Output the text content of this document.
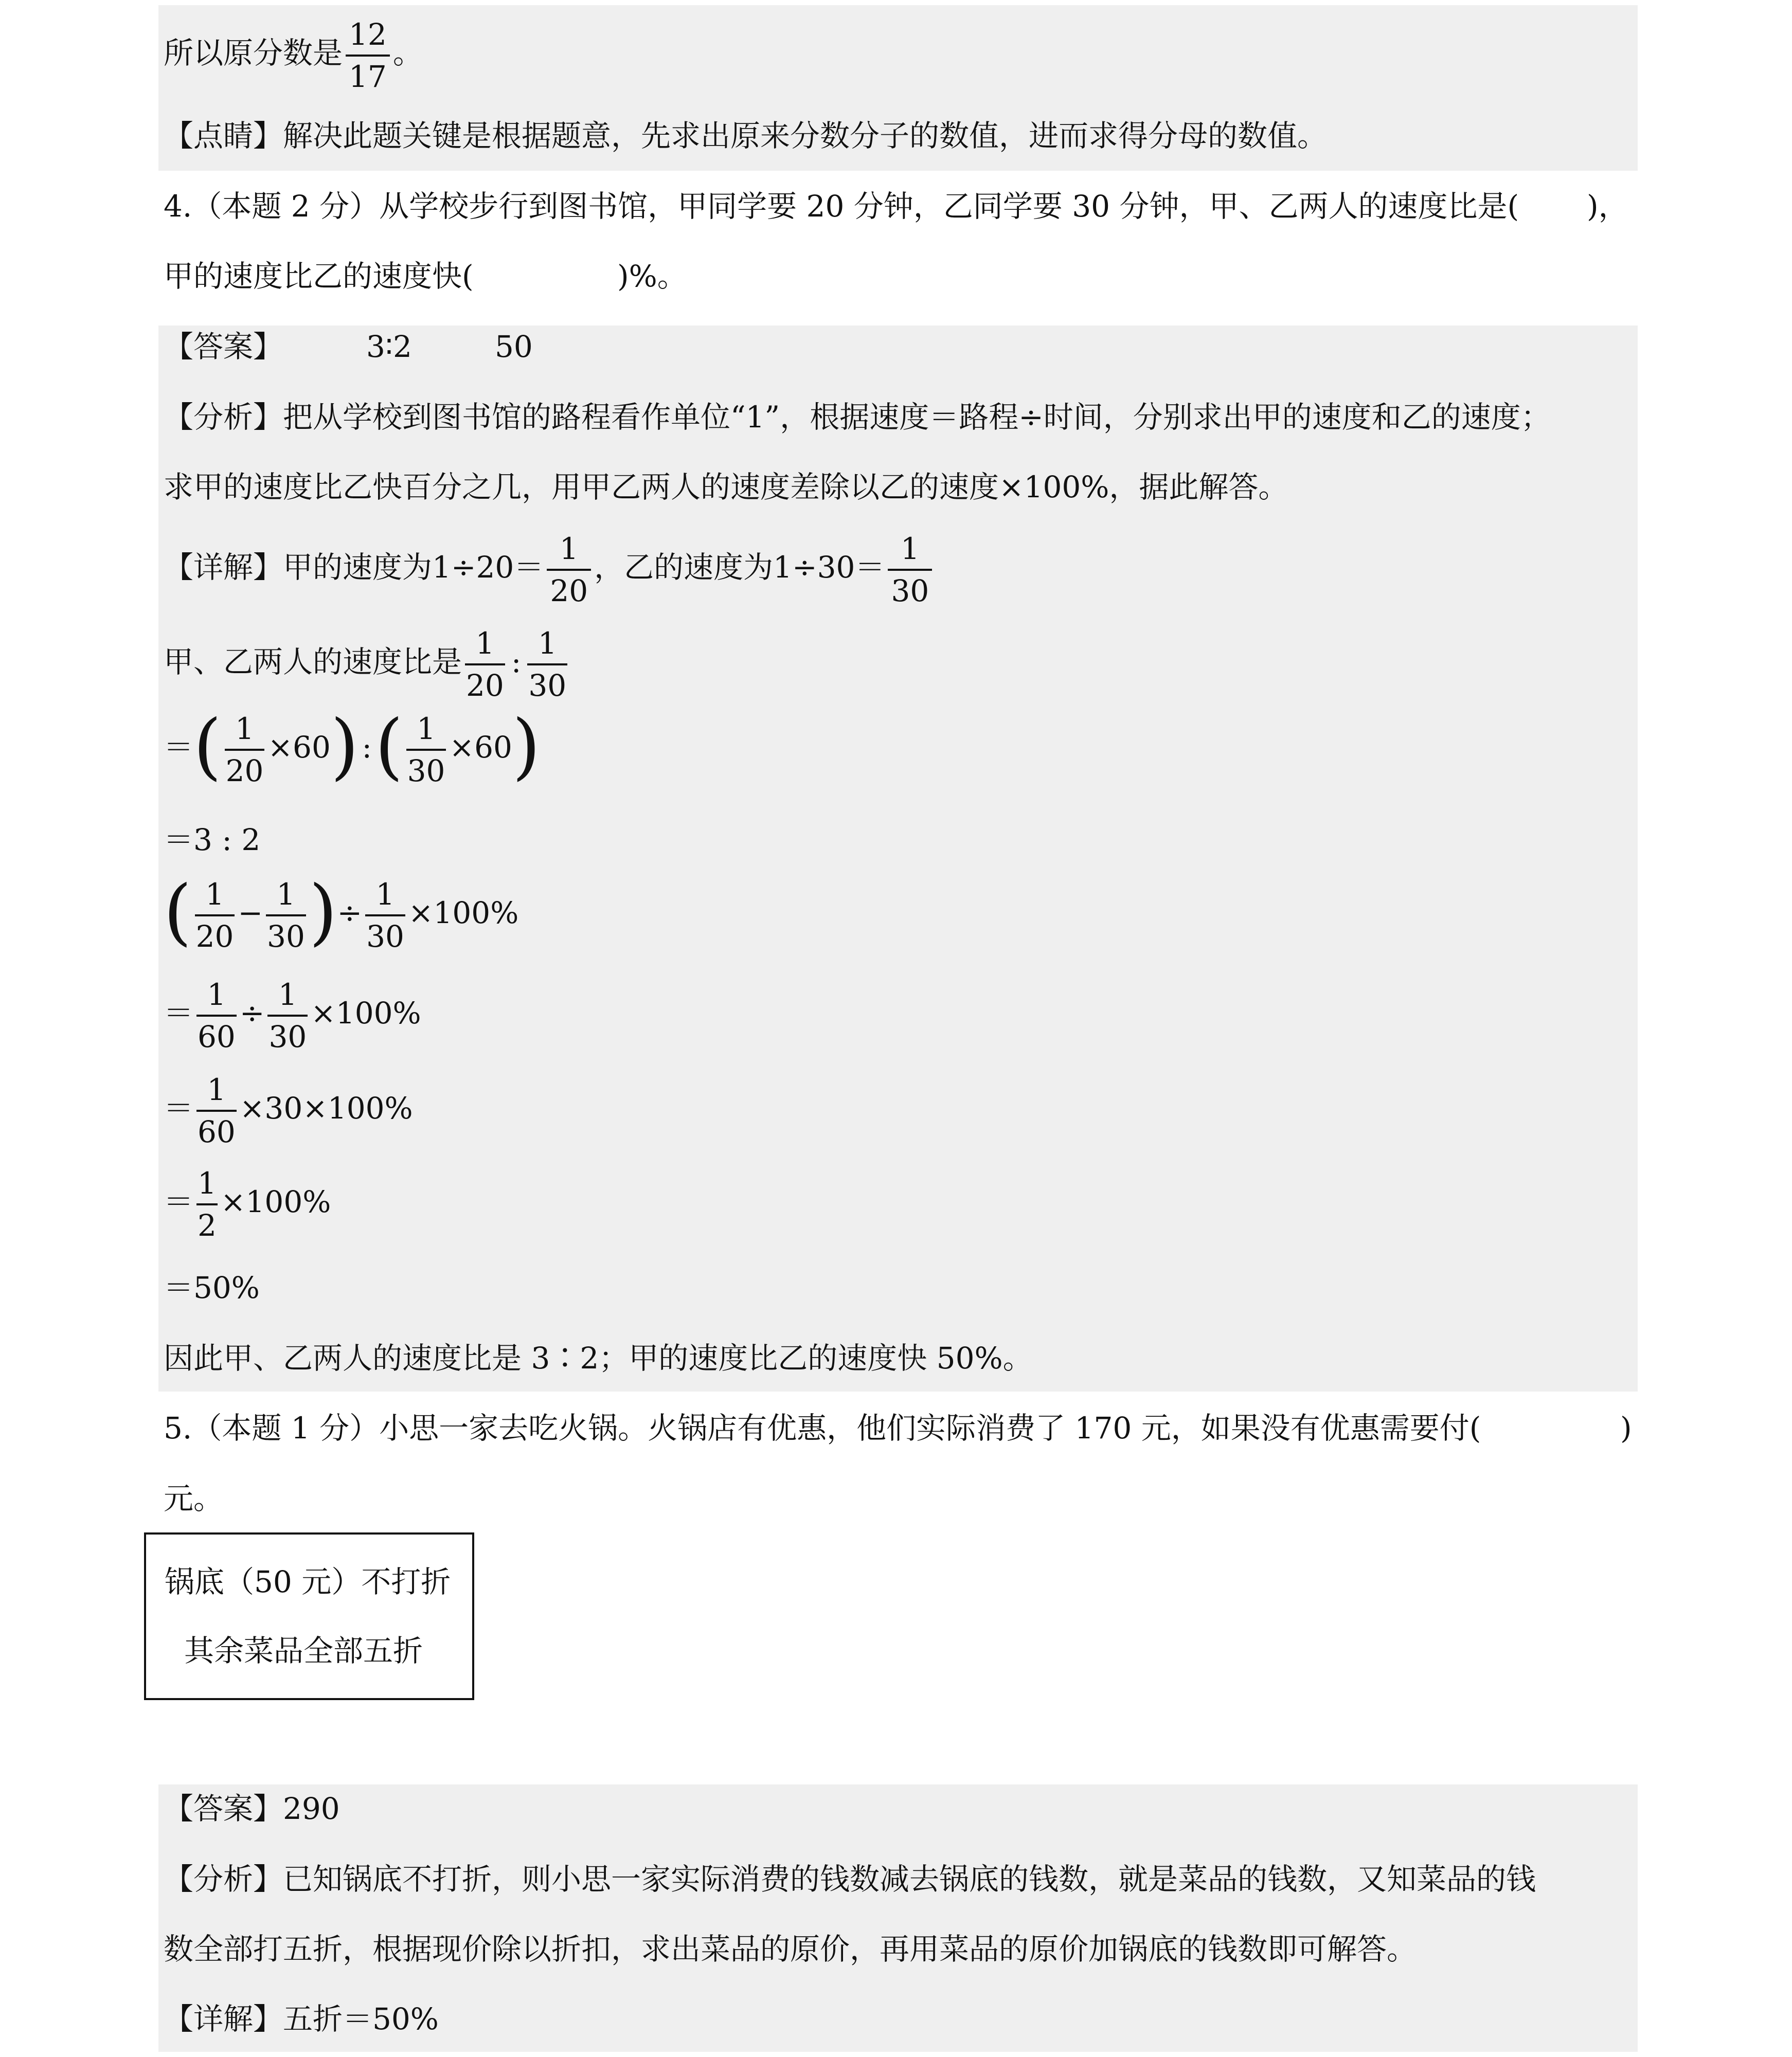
所以原分数是 $\frac{12}{17}$ 。
【点睛】解决此题关键是根据题意，先求出原来分数分子的数值，进而求得分母的数值。
4.（本题 2 分）从学校步行到图书馆，甲同学要 20 分钟，乙同学要 30 分钟，甲、乙两人的速度比是( )，
甲的速度比乙的速度快(	)%。
【答案】	3∶2	50
【分析】把从学校到图书馆的路程看作单位“1”，根据速度＝路程÷时间，分别求出甲的速度和乙的速度；
求甲的速度比乙快百分之几，用甲乙两人的速度差除以乙的速度×100%，据此解答。
【详解】甲的速度为$1\div 20= \frac{1}{20}$ ，乙的速度为$1\div 30= \frac{1}{30}$
甲、乙两人的速度比是 $\frac{1}{20}$ : $\frac{1}{30}$
＝( $\frac{1}{20} \times 60$) :( $\frac{1}{30} \times 60$)
＝3 : 2
( $\frac{1}{20} - \frac{1}{30}$ )÷ $\frac{1}{30} \times 100\%$
＝ $\frac{1}{60} \div \frac{1}{30} \times 100\%$
＝ $\frac{1}{60} \times 30\times 100\%$
＝ $\frac{1}{2} \times 100\%$
＝50%
因此甲、乙两人的速度比是 3∶2；甲的速度比乙的速度快 50%。
5.（本题 1 分）小思一家去吃火锅。火锅店有优惠，他们实际消费了 170 元，如果没有优惠需要付(	)
元。
锅底（50 元）不打折
其余菜品全部五折
【答案】290
【分析】已知锅底不打折，则小思一家实际消费的钱数减去锅底的钱数，就是菜品的钱数，又知菜品的钱
数全部打五折，根据现价除以折扣，求出菜品的原价，再用菜品的原价加锅底的钱数即可解答。
【详解】五折＝50%
